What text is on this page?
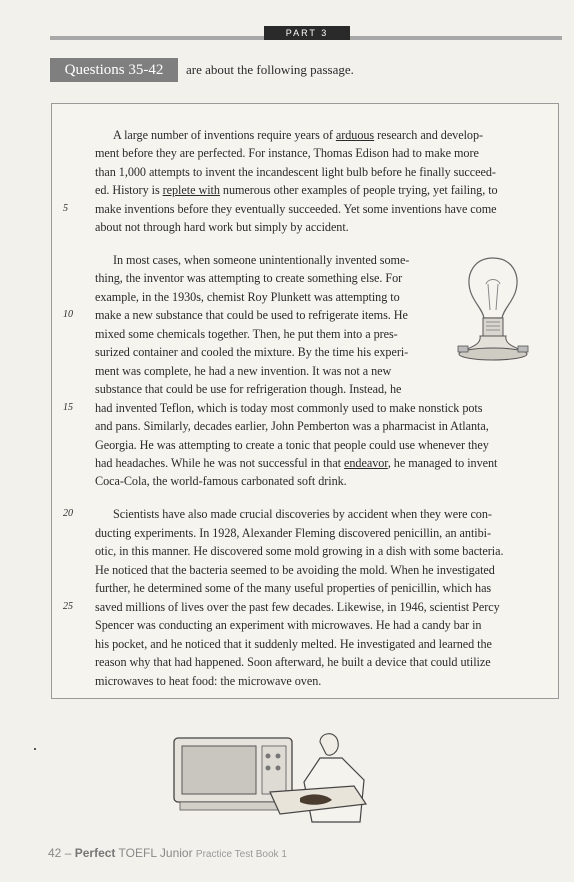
PART 3
Questions 35-42	are about the following passage.
A large number of inventions require years of arduous research and develop-
ment before they are perfected. For instance, Thomas Edison had to make more
than 1,000 attempts to invent the incandescent light bulb before he finally succeed-
ed. History is replete with numerous other examples of people trying, yet failing, to
make inventions before they eventually succeeded. Yet some inventions have come
about not through hard work but simply by accident.
In most cases, when someone unintentionally invented some-
thing, the inventor was attempting to create something else. For
example, in the 1930s, chemist Roy Plunkett was attempting to
make a new substance that could be used to refrigerate items. He
mixed some chemicals together. Then, he put them into a pres-
surized container and cooled the mixture. By the time his experi-
ment was complete, he had a new invention. It was not a new
substance that could be use for refrigeration though. Instead, he
had invented Teflon, which is today most commonly used to make nonstick pots
and pans. Similarly, decades earlier, John Pemberton was a pharmacist in Atlanta,
Georgia. He was attempting to create a tonic that people could use whenever they
had headaches. While he was not successful in that endeavor, he managed to invent
Coca-Cola, the world-famous carbonated soft drink.
Scientists have also made crucial discoveries by accident when they were con-
ducting experiments. In 1928, Alexander Fleming discovered penicillin, an antibi-
otic, in this manner. He discovered some mold growing in a dish with some bacteria.
He noticed that the bacteria seemed to be avoiding the mold. When he investigated
further, he determined some of the many useful properties of penicillin, which has
saved millions of lives over the past few decades. Likewise, in 1946, scientist Percy
Spencer was conducting an experiment with microwaves. He had a candy bar in
his pocket, and he noticed that it suddenly melted. He investigated and learned the
reason why that had happened. Soon afterward, he built a device that could utilize
microwaves to heat food: the microwave oven.
5
10
15
20
25
42 – Perfect TOEFL Junior Practice Test Book 1
